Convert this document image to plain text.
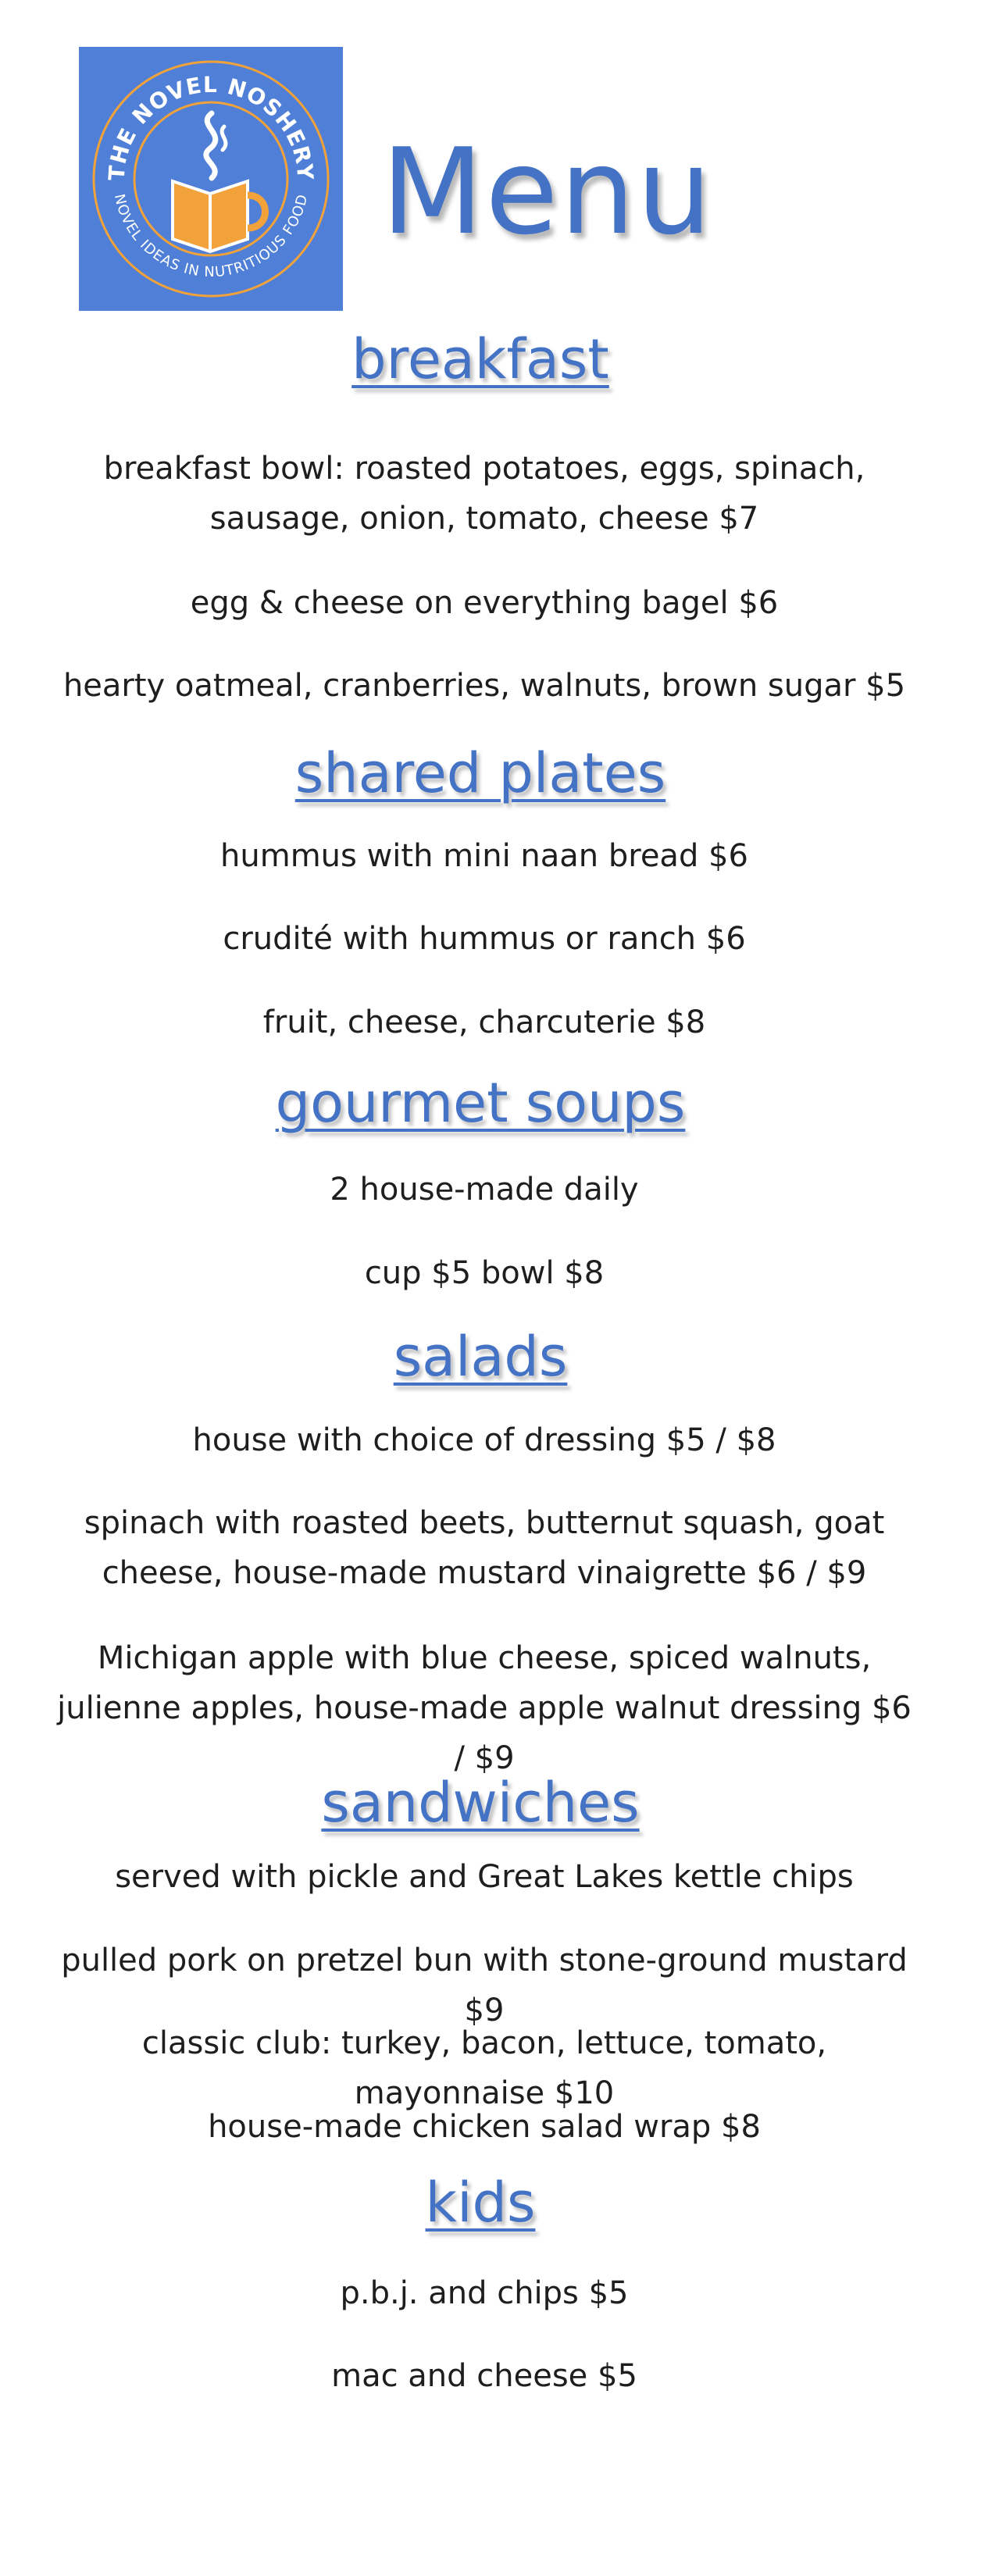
THE NOVEL NOSHERY
NOVEL IDEAS IN NUTRITIOUS FOOD Menu
breakfast
breakfast bowl: roasted potatoes, eggs, spinach, sausage, onion, tomato, cheese $7
egg & cheese on everything bagel $6
hearty oatmeal, cranberries, walnuts, brown sugar $5
shared plates
hummus with mini naan bread $6
crudité with hummus or ranch $6
fruit, cheese, charcuterie $8
gourmet soups
2 house-made daily
cup $5 bowl $8
salads
house with choice of dressing $5 / $8
spinach with roasted beets, butternut squash, goat cheese, house-made mustard vinaigrette $6 / $9
Michigan apple with blue cheese, spiced walnuts, julienne apples, house-made apple walnut dressing $6 / $9
sandwiches
served with pickle and Great Lakes kettle chips
pulled pork on pretzel bun with stone-ground mustard $9
classic club: turkey, bacon, lettuce, tomato, mayonnaise $10
house-made chicken salad wrap $8
kids
p.b.j. and chips $5
mac and cheese $5
